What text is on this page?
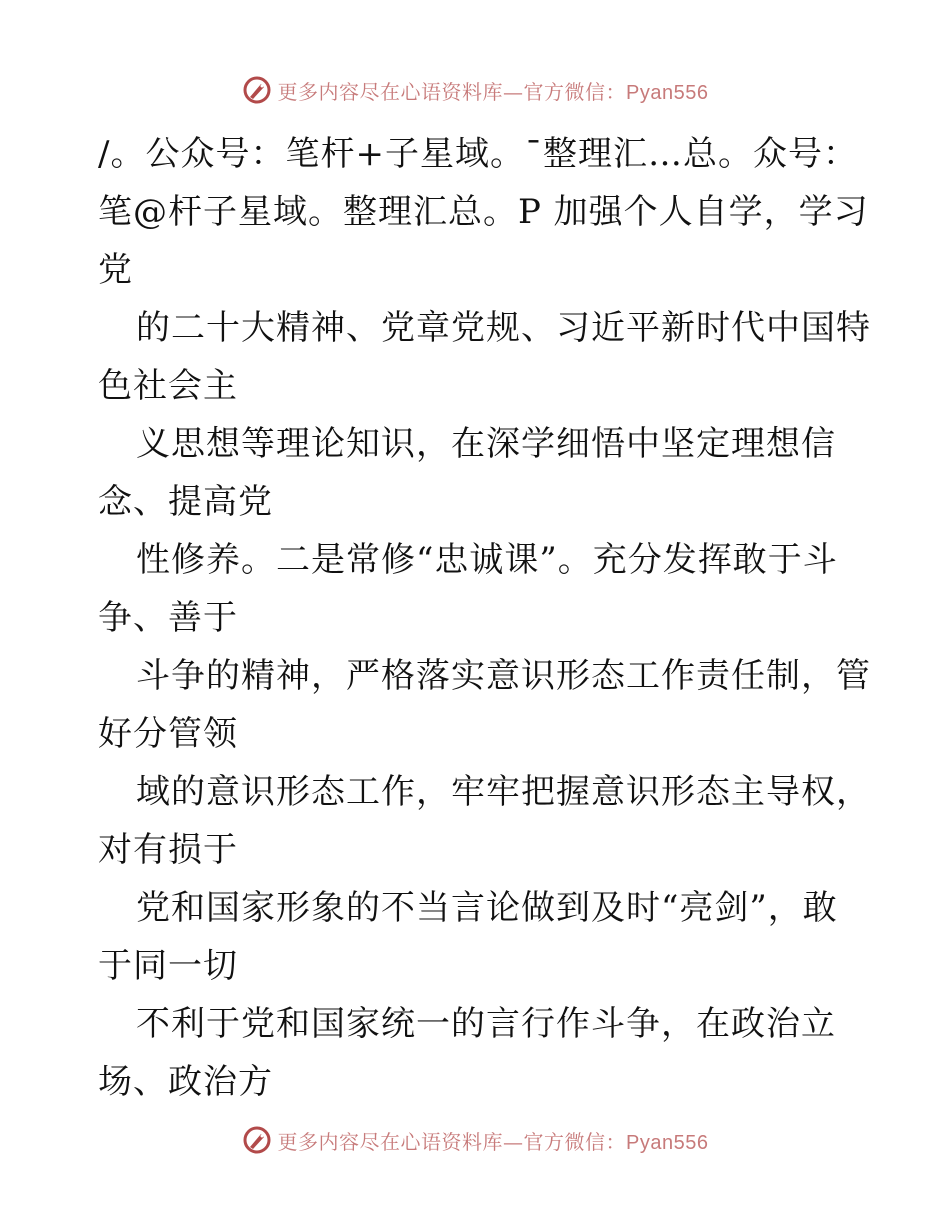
更多内容尽在心语资料库—官方微信：Pyan556
/。公众号：笔杆+子星域。¯整理汇…总。众号：
笔@杆子星域。整理汇总。P 加强个人自学，学习
党
的二十大精神、党章党规、习近平新时代中国特
色社会主
义思想等理论知识，在深学细悟中坚定理想信
念、提高党
性修养。二是常修“忠诚课”。充分发挥敢于斗
争、善于
斗争的精神，严格落实意识形态工作责任制，管
好分管领
域的意识形态工作，牢牢把握意识形态主导权，
对有损于
党和国家形象的不当言论做到及时“亮剑”，敢
于同一切
不利于党和国家统一的言行作斗争，在政治立
场、政治方
更多内容尽在心语资料库—官方微信：Pyan556
